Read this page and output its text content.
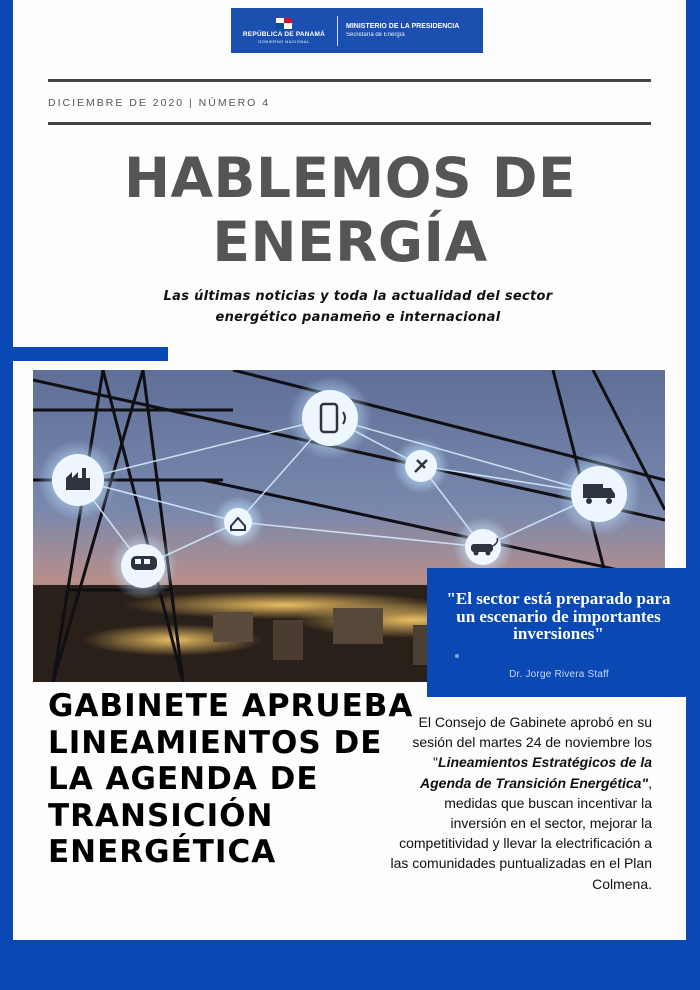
REPÚBLICA DE PANAMÁ
GOBIERNO NACIONAL
MINISTERIO DE LA PRESIDENCIA
Secretaría de Energía
DICIEMBRE DE 2020 | NÚMERO 4
HABLEMOS DE
ENERGÍA
Las últimas noticias y toda la actualidad del sector
energético panameño e internacional
"El sector está preparado para un escenario de importantes inversiones"
Dr. Jorge Rivera Staff
GABINETE APRUEBA LINEAMIENTOS DE LA AGENDA DE TRANSICIÓN ENERGÉTICA
El Consejo de Gabinete aprobó en su sesión del martes 24 de noviembre los "Lineamientos Estratégicos de la Agenda de Transición Energética", medidas que buscan incentivar la inversión en el sector, mejorar la competitividad y llevar la electrificación a las comunidades puntualizadas en el Plan Colmena.
